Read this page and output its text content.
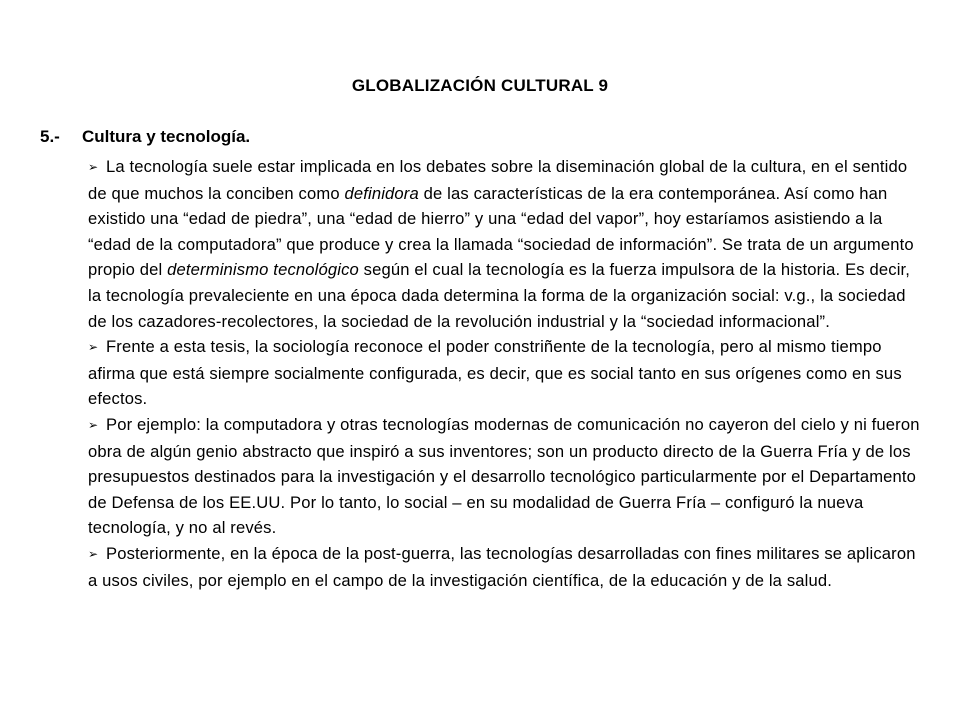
GLOBALIZACIÓN CULTURAL 9
5.- Cultura y tecnología.

➢ La tecnología suele estar implicada en los debates sobre la diseminación global de la cultura, en el sentido de que muchos la conciben como definidora de las características de la era contemporánea. Así como han existido una “edad de piedra”, una “edad de hierro” y una “edad del vapor”, hoy estaríamos asistiendo a la “edad de la computadora” que produce y crea la llamada “sociedad de información”. Se trata de un argumento propio del determinismo tecnológico según el cual la tecnología es la fuerza impulsora de la historia. Es decir, la tecnología prevaleciente en una época dada determina la forma de la organización social: v.g., la sociedad de los cazadores-recolectores, la sociedad de la revolución industrial y la “sociedad informacional”.

➢ Frente a esta tesis, la sociología reconoce el poder constriñente de la tecnología, pero al mismo tiempo afirma que está siempre socialmente configurada, es decir, que es social tanto en sus orígenes como en sus efectos.

➢ Por ejemplo: la computadora y otras tecnologías modernas de comunicación no cayeron del cielo y ni fueron obra de algún genio abstracto que inspiró a sus inventores; son un producto directo de la Guerra Fría y de los presupuestos destinados para la investigación y el desarrollo tecnológico particularmente por el Departamento de Defensa de los EE.UU. Por lo tanto, lo social – en su modalidad de Guerra Fría – configuró la nueva tecnología, y no al revés.

➢ Posteriormente, en la época de la post-guerra, las tecnologías desarrolladas con fines militares se aplicaron a usos civiles, por ejemplo en el campo de la investigación científica, de la educación y de la salud.
